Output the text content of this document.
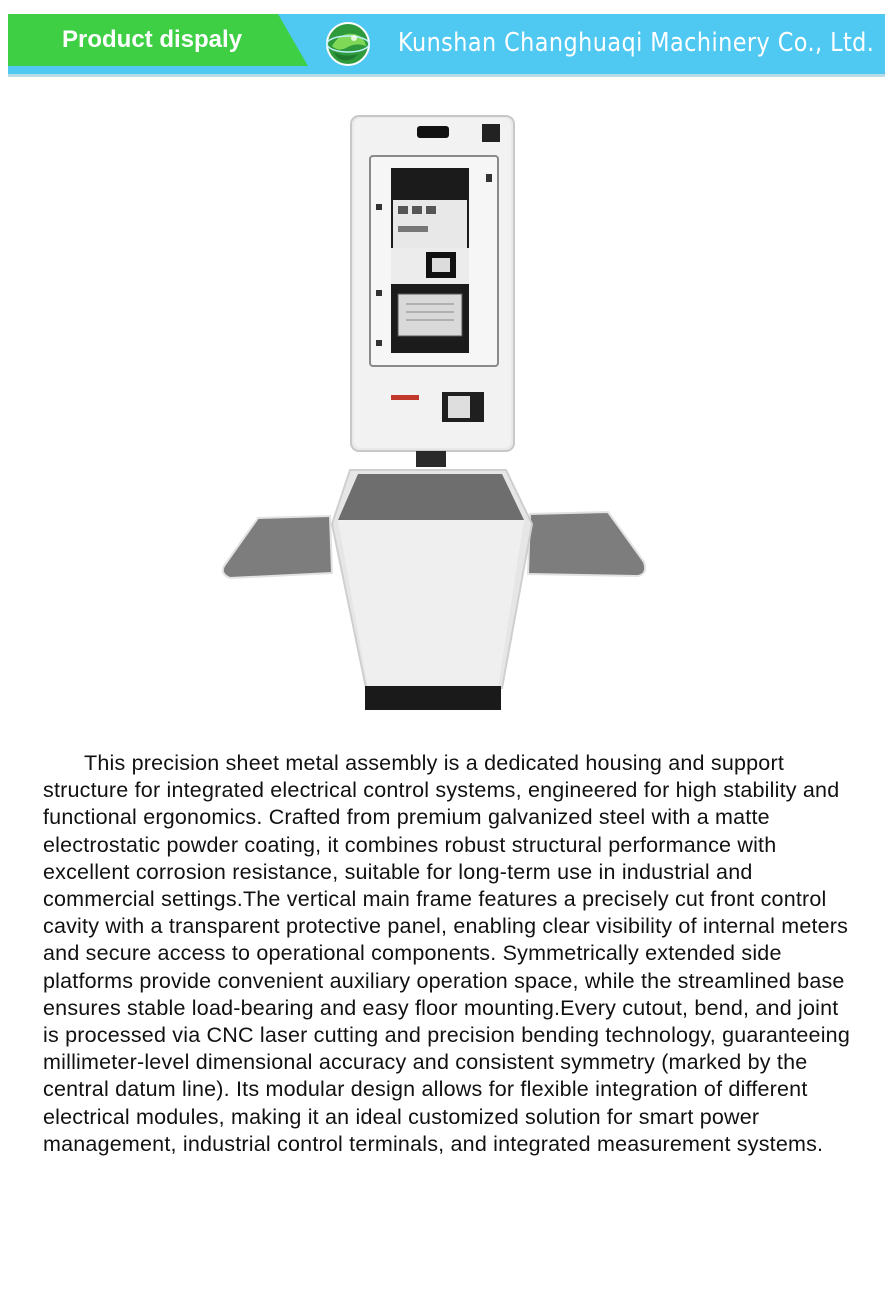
Product dispaly	Kunshan Changhuaqi Machinery Co., Ltd.

This precision sheet metal assembly is a dedicated housing and support structure for integrated electrical control systems, engineered for high stability and functional ergonomics. Crafted from premium galvanized steel with a matte electrostatic powder coating, it combines robust structural performance with excellent corrosion resistance, suitable for long-term use in industrial and commercial settings.The vertical main frame features a precisely cut front control cavity with a transparent protective panel, enabling clear visibility of internal meters and secure access to operational components. Symmetrically extended side platforms provide convenient auxiliary operation space, while the streamlined base ensures stable load-bearing and easy floor mounting.Every cutout, bend, and joint is processed via CNC laser cutting and precision bending technology, guaranteeing millimeter-level dimensional accuracy and consistent symmetry (marked by the central datum line). Its modular design allows for flexible integration of different electrical modules, making it an ideal customized solution for smart power management, industrial control terminals, and integrated measurement systems.
